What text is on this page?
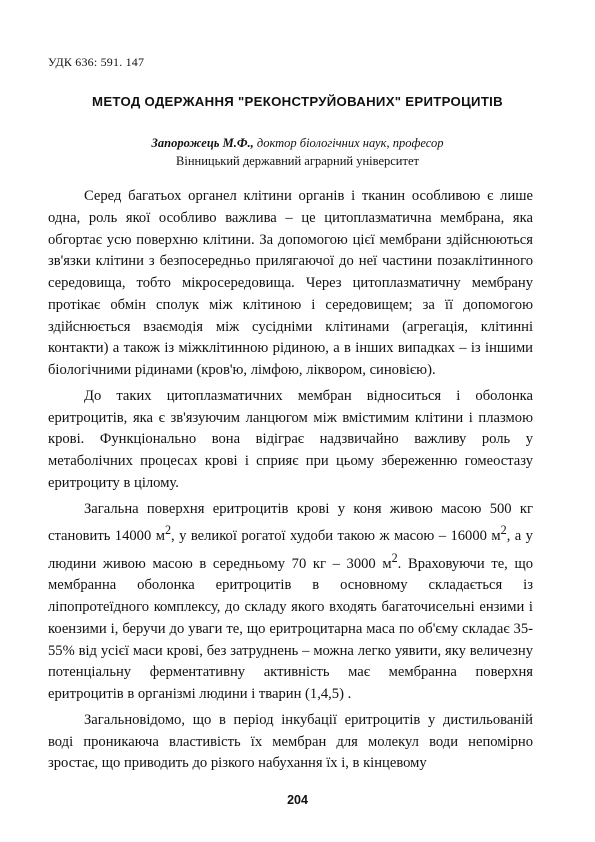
УДК 636: 591. 147
МЕТОД ОДЕРЖАННЯ "РЕКОНСТРУЙОВАНИХ" ЕРИТРОЦИТІВ
Запорожець М.Ф., доктор біологічних наук, професор
Вінницький державний аграрний університет

Серед багатьох органел клітини органів і тканин особливою є лише одна, роль якої особливо важлива – це цитоплазматична мембрана, яка обгортає усю поверхню клітини. За допомогою цієї мембрани здійснюються зв'язки клітини з безпосередньо прилягаючої до неї частини позаклітинного середовища, тобто мікросередовища. Через цитоплазматичну мембрану протікає обмін сполук між клітиною і середовищем; за її допомогою здійснюється взаємодія між сусідніми клітинами (агрегація, клітинні контакти) а також із міжклітинною рідиною, а в інших випадках – із іншими біологічними рідинами (кров'ю, лімфою, ліквором, синовією).

До таких цитоплазматичних мембран відноситься і оболонка еритроцитів, яка є зв'язуючим ланцюгом між вмістимим клітини і плазмою крові. Функціонально вона відіграє надзвичайно важливу роль у метаболічних процесах крові і сприяє при цьому збереженню гомеостазу еритроциту в цілому.

Загальна поверхня еритроцитів крові у коня живою масою 500 кг становить 14000 $м^2$, у великої рогатої худоби такою ж масою – 16000 $м^2$, а у людини живою масою в середньому 70 кг – 3000 $м^2$. Враховуючи те, що мембранна оболонка еритроцитів в основному складається із ліпопротеїдного комплексу, до складу якого входять багаточисельні ензими і коензими і, беручи до уваги те, що еритроцитарна маса по об'єму складає 35-55% від усієї маси крові, без затруднень – можна легко уявити, яку величезну потенціальну ферментативну активність має мембранна поверхня еритроцитів в організмі людини і тварин (1,4,5) .

Загальновідомо, що в період інкубації еритроцитів у дистильованій воді проникаюча властивість їх мембран для молекул води непомірно зростає, що приводить до різкого набухання їх і, в кінцевому

204
